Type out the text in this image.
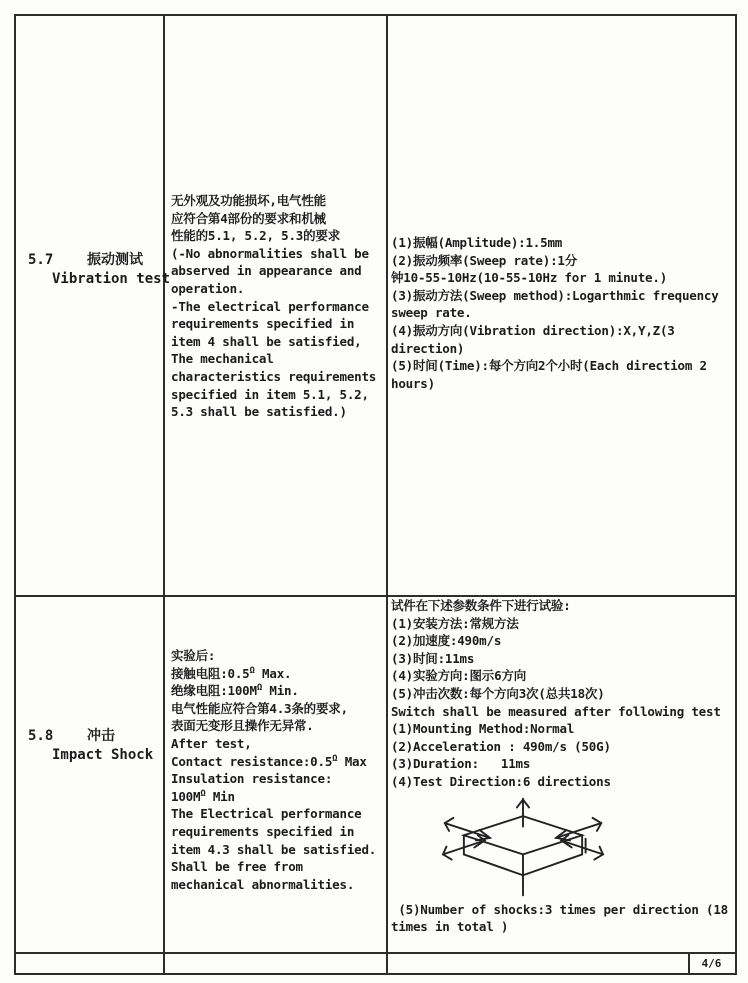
5.7    振动测试
Vibration test
无外观及功能损坏,电气性能
应符合第4部份的要求和机械
性能的5.1, 5.2, 5.3的要求
(-No abnormalities shall be
abserved in appearance and
operation.
-The electrical performance
requirements specified in
item 4 shall be satisfied,
The mechanical
characteristics requirements
specified in item 5.1, 5.2,
5.3 shall be satisfied.)
(1)振幅(Amplitude):1.5mm
(2)振动频率(Sweep rate):1分
钟10-55-10Hz(10-55-10Hz for 1 minute.)
(3)振动方法(Sweep method):Logarthmic frequency
sweep rate.
(4)振动方向(Vibration direction):X,Y,Z(3
direction)
(5)时间(Time):每个方向2个小时(Each directiom 2
hours)
5.8    冲击
Impact Shock
实验后:
接触电阻$:0.5^\Omega$ Max.
绝缘电阻$:100M^\Omega$ Min.
电气性能应符合第4.3条的要求,
表面无变形且操作无异常.
After test,
Contact $resistance:0.5^\Omega$ Max
Insulation resistance:
$100M^\Omega$ Min
The Electrical performance
requirements specified in
item 4.3 shall be satisfied.
Shall be free from
mechanical abnormalities.
试件在下述参数条件下进行试验:
(1)安装方法:常规方法
(2)加速度:490m/s
(3)时间:11ms
(4)实验方向:图示6方向
(5)冲击次数:每个方向3次(总共18次)
Switch shall be measured after following test
(1)Mounting Method:Normal
(2)Acceleration : 490m/s (50G)
(3)Duration:   11ms
(4)Test Direction:6 directions
(5)Number of shocks:3 times per direction (18
times in total )
4/6
